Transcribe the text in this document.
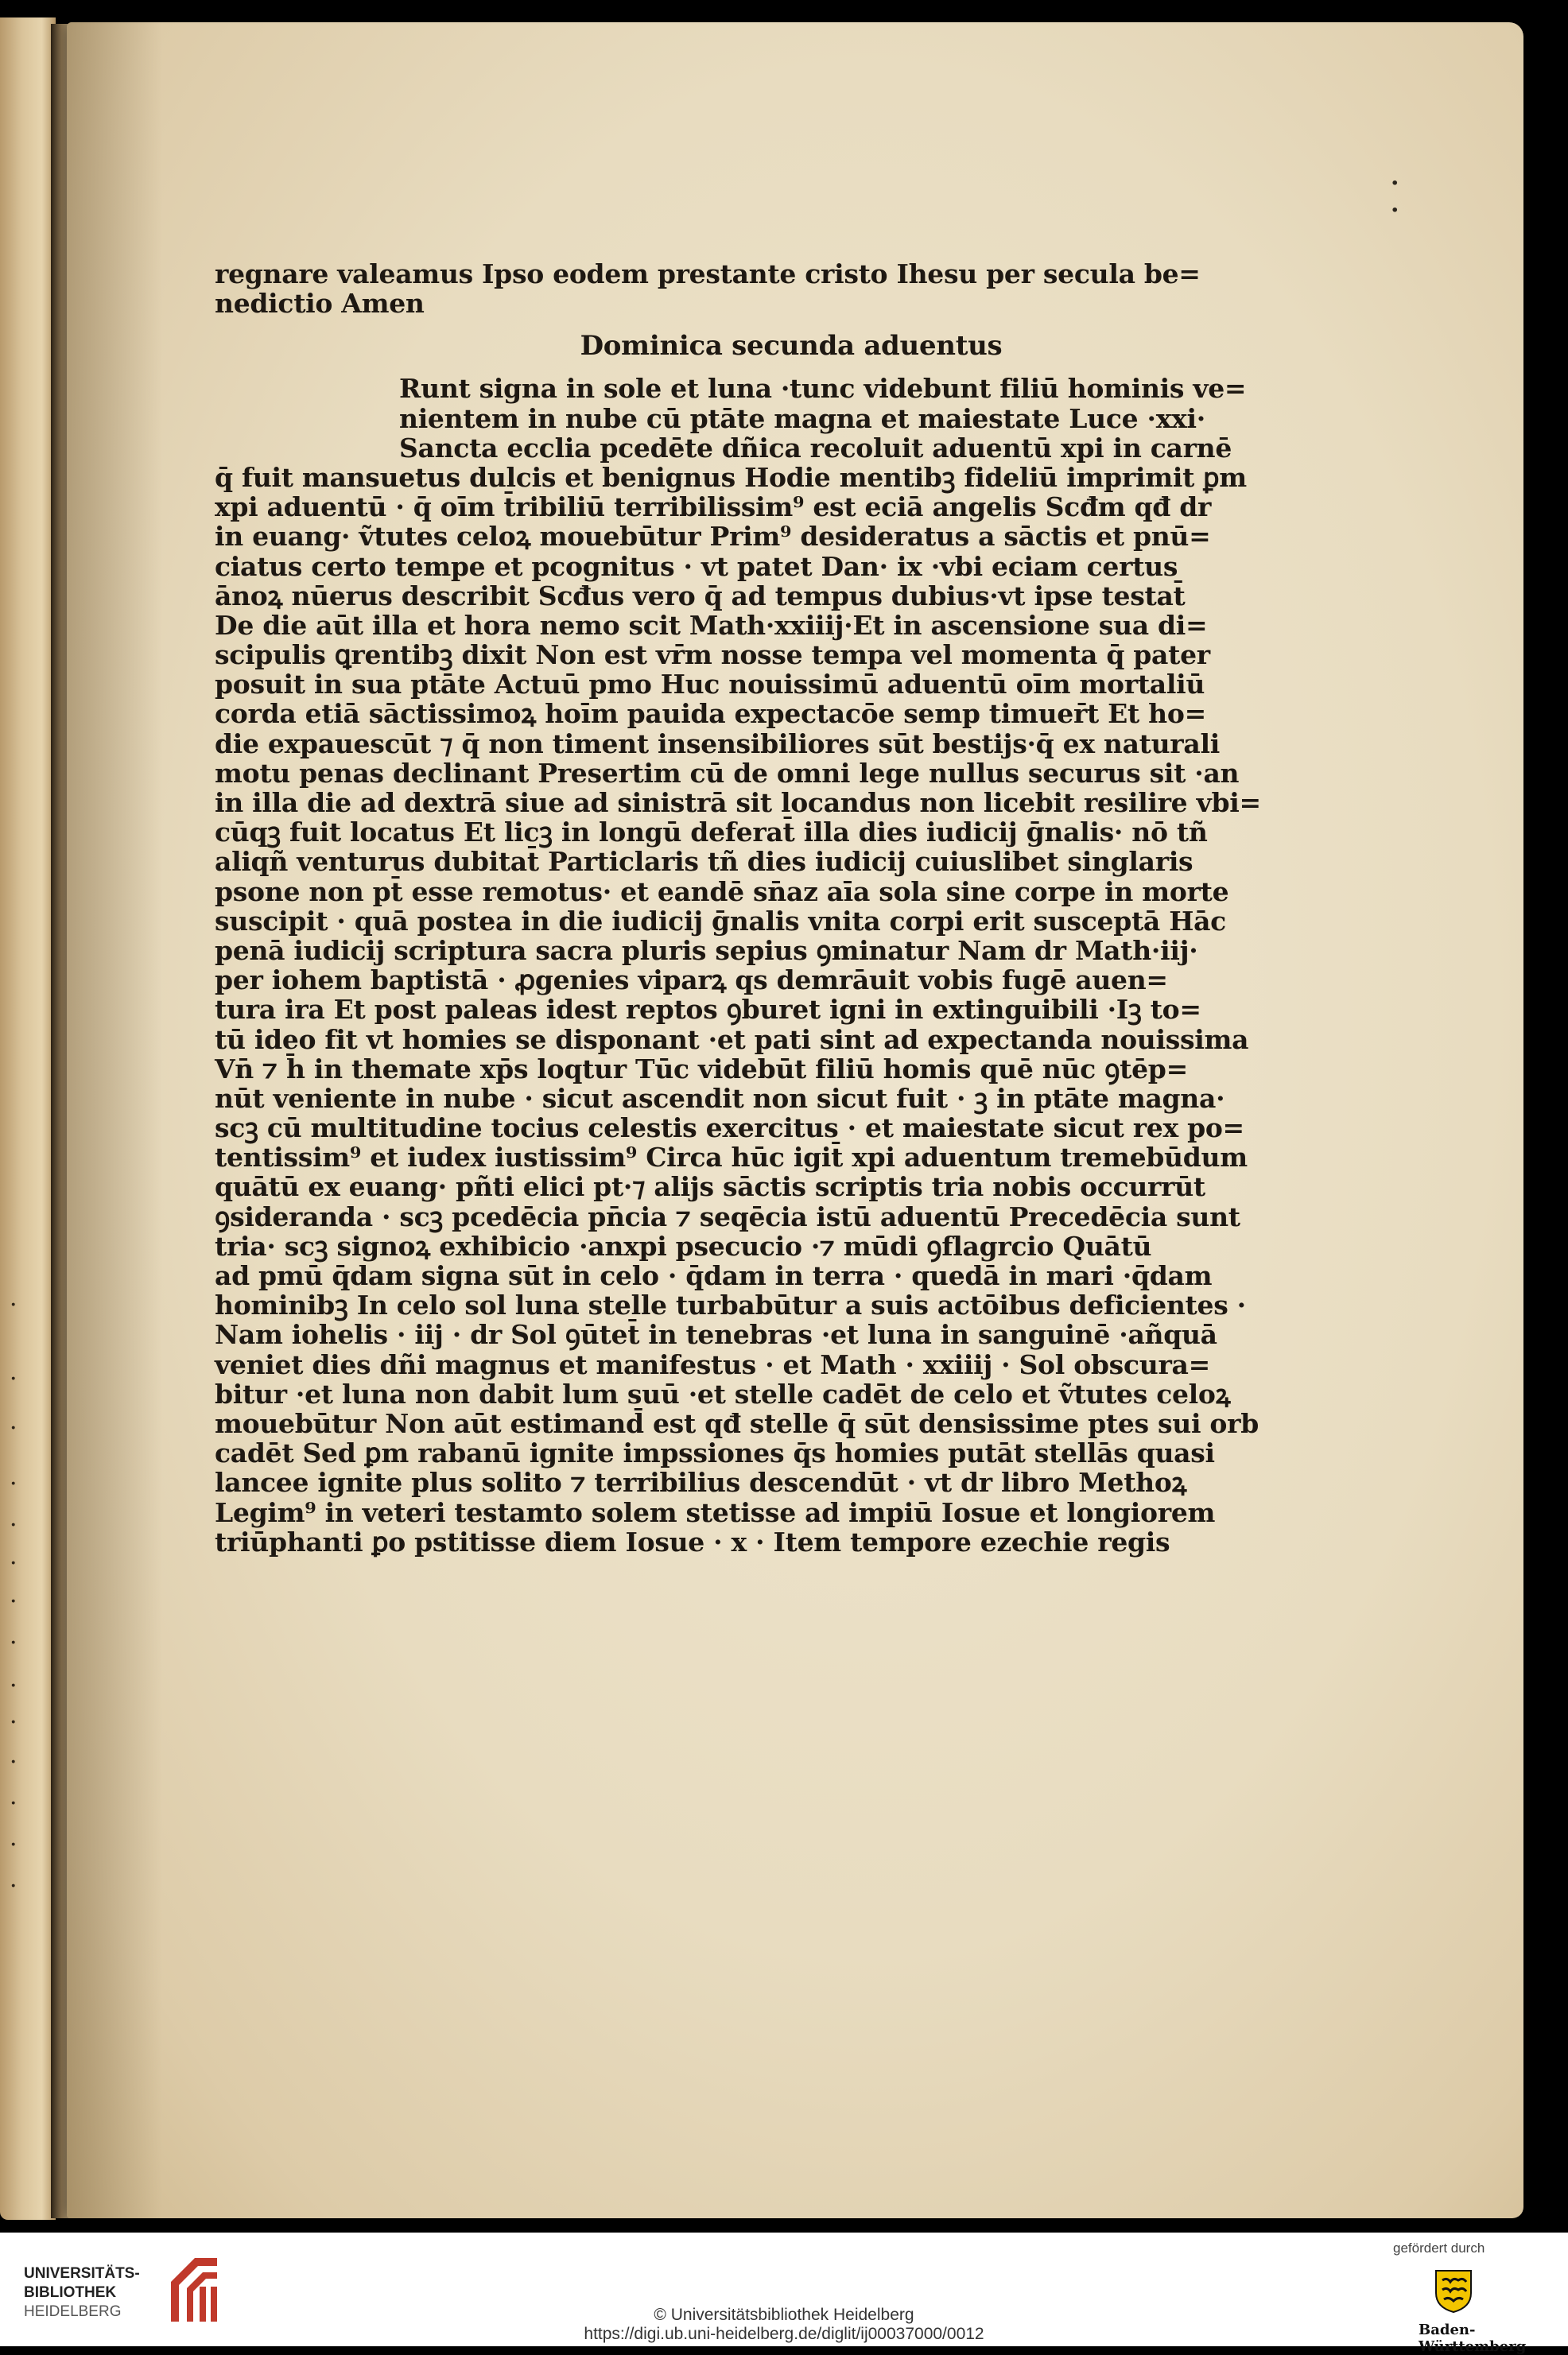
·
·
·
·
·
·
·
·
·
·
·
·
·
·
·
·
regnare valeamus Ipso eodem prestante cristo Ihesu per secula be=
nedictio Amen
Dominica secunda aduentus
Runt signa in sole et luna ·tunc videbunt filiū hominis ve=
nientem in nube cū ptāte magna et maiestate Luce ·xxi·
Sancta ecclia pcedēte dñica recoluit aduentū xpi in carnē
q̄ fuit mansuetus dulcis et benignus Hodie mentibꝫ fideliū imprimit ꝑm
xpi aduentū · q̄ oīm t̄ribiliū terribilissim⁹ est eciā angelis Scđm qđ dr
in euang· ṽtutes celoꝝ mouebūtur Prim⁹ desideratus a sāctis et pnū=
ciatus certo tempe et pcognitus · vt patet Dan· ix ·vbi eciam certus
ānoꝝ nūerus describit Scđus vero q̄ ad tempus dubius·vt ipse testat̄
De die aūt illa et hora nemo scit Math·xxiiij·Et in ascensione sua di=
scipulis ꝗrentibꝫ dixit Non est vr̄m nosse tempa vel momenta q̄ pater
posuit in sua ptāte Actuū pmo Huc nouissimū aduentū oīm mortaliū
corda etiā sāctissimoꝝ hoīm pauida expectacōe semp timuer̄t Et ho=
die expauescūt ⁊ q̄ non timent insensibiliores sūt bestijs·q̄ ex naturali
motu penas declinant Presertim cū de omni lege nullus securus sit ·an
in illa die ad dextrā siue ad sinistrā sit locandus non licebit resilire vbi=
cūqꝫ fuit locatus Et licꝫ in longū deferat̄ illa dies iudicij ḡnalis· nō tñ
aliqñ venturus dubitat̄ Particlaris tñ dies iudicij cuiuslibet singlaris
psone non pt̄ esse remotus· et eandē sn̄az aīa sola sine corpe in morte
suscipit · quā postea in die iudicij ḡnalis vnita corpi erit susceptā Hāc
penā iudicij scriptura sacra pluris sepius ꝯminatur Nam dr Math·iij·
per iohem baptistā · ꝓgenies viparꝝ qs demrāuit vobis fugē auen=
tura ira Et post paleas idest reptos ꝯburet igni in extinguibili ·Iꝫ to=
tū ideo fit vt homies se disponant ·et pati sint ad expectanda nouissima
Vn̄ ⁊ h̄ in themate xp̄s loqtur Tūc videbūt filiū homis quē nūc ꝯtēp=
nūt veniente in nube · sicut ascendit non sicut fuit · ꝫ in ptāte magna·
scꝫ cū multitudine tocius celestis exercitus · et maiestate sicut rex po=
tentissim⁹ et iudex iustissim⁹ Circa hūc igit̄ xpi aduentum tremebūdum
quātū ex euang· pñti elici pt·⁊ alijs sāctis scriptis tria nobis occurrūt
ꝯsideranda · scꝫ pcedēcia pn̄cia ⁊ seqēcia istū aduentū Precedēcia sunt
tria· scꝫ signoꝝ exhibicio ·anxpi psecucio ·⁊ mūdi ꝯflagrcio Quātū
ad pmū q̄dam signa sūt in celo · q̄dam in terra · quedā in mari ·q̄dam
hominibꝫ In celo sol luna stelle turbabūtur a suis actōibus deficientes ·
Nam iohelis · iij · dr Sol ꝯūtet̄ in tenebras ·et luna in sanguinē ·añquā
veniet dies dñi magnus et manifestus · et Math · xxiiij · Sol obscura=
bitur ·et luna non dabit lum suū ·et stelle cadēt de celo et ṽtutes celoꝝ
mouebūtur Non aūt estimand̄ est qđ stelle q̄ sūt densissime ptes sui orb
cadēt Sed ꝑm rabanū ignite impssiones q̄s homies putāt stellās quasi
lancee ignite plus solito ⁊ terribilius descendūt · vt dr libro Methoꝝ
Legim⁹ in veteri testamto solem stetisse ad impiū Iosue et longiorem
triūphanti ꝑo pstitisse diem Iosue · x · Item tempore ezechie regis
UNIVERSITÄTS-
BIBLIOTHEK
HEIDELBERG	© Universitätsbibliothek Heidelberg
https://digi.ub.uni-heidelberg.de/diglit/ij00037000/0012
gefördert durch
Baden-Württemberg
